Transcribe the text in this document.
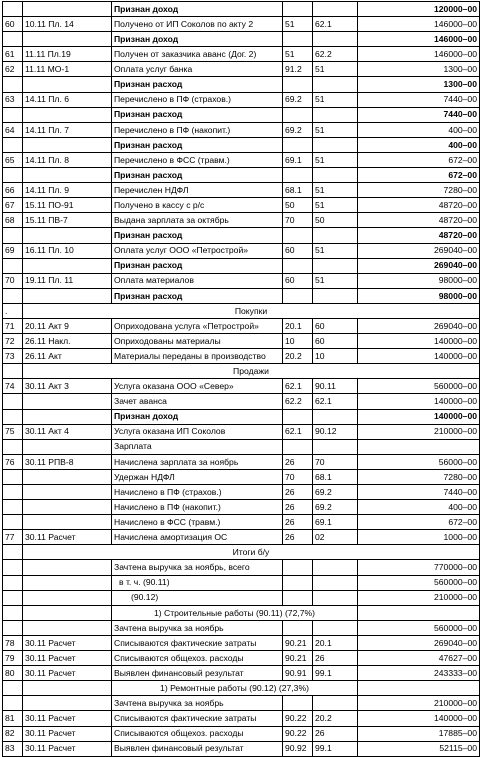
		Признан доход			120000–00
60	10.11 Пл. 14	Получено от ИП Соколов по акту 2	51	62.1	146000–00
		Признан доход			146000–00
61	11.11 Пл.19	Получен от заказчика аванс (Дог. 2)	51	62.2	146000–00
62	11.11 МО-1	Оплата услуг банка	91.2	51	1300–00
		Признан расход			1300–00
63	14.11 Пл. 6	Перечислено в ПФ (страхов.)	69.2	51	7440–00
		Признан расход			7440–00
64	14.11 Пл. 7	Перечислено в ПФ (накопит.)	69.2	51	400–00
		Признан расход			400–00
65	14.11 Пл. 8	Перечислено в ФСС (травм.)	69.1	51	672–00
		Признан расход			672–00
66	14.11 Пл. 9	Перечислен НДФЛ	68.1	51	7280–00
67	15.11 ПО-91	Получено в кассу с р/с	50	51	48720–00
68	15.11 ПВ-7	Выдана зарплата за октябрь	70	50	48720–00
		Признан расход			48720–00
69	16.11 Пл. 10	Оплата услуг ООО «Петрострой»	60	51	269040–00
		Признан расход			269040–00
70	19.11 Пл. 11	Оплата материалов	60	51	98000–00
		Признан расход			98000–00
.	Покупки				
71	20.11 Акт 9	Оприходована услуга «Петрострой»	20.1	60	269040–00
72	26.11 Накл.	Оприходованы материалы	10	60	140000–00
73	26.11 Акт	Материалы переданы в производство	20.2	10	140000–00
	Продажи				
74	30.11 Акт 3	Услуга оказана ООО «Север»	62.1	90.11	560000–00
		Зачет аванса	62.2	62.1	140000–00
		Признан доход			140000–00
75	30.11 Акт 4	Услуга оказана ИП Соколов	62.1	90.12	210000–00
		Зарплата			
76	30.11 РПВ-8	Начислена зарплата за ноябрь	26	70	56000–00
		Удержан НДФЛ	70	68.1	7280–00
		Начислено в ПФ (страхов.)	26	69.2	7440–00
		Начислено в ПФ (накопит.)	26	69.2	400–00
		Начислено в ФСС (травм.)	26	69.1	672–00
77	30.11 Расчет	Начислена амортизация ОС	26	02	1000–00
	Итоги б/у				
		Зачтена выручка за ноябрь, всего			770000–00
		в т. ч. (90.11)			560000–00
		(90.12)			210000–00
		1) Строительные работы (90.11) (72,7%)			
		Зачтена выручка за ноябрь			560000–00
78	30.11 Расчет	Списываются фактические затраты	90.21	20.1	269040–00
79	30.11 Расчет	Списываются общехоз. расходы	90.21	26	47627–00
80	30.11 Расчет	Выявлен финансовый результат	90.91	99.1	243333–00
		1) Ремонтные работы (90.12) (27,3%)			
		Зачтена выручка за ноябрь			210000–00
81	30.11 Расчет	Списываются фактические затраты	90.22	20.2	140000–00
82	30.11 Расчет	Списываются общехоз. расходы	90.22	26	17885–00
83	30.11 Расчет	Выявлен финансовый результат	90.92	99.1	52115–00
